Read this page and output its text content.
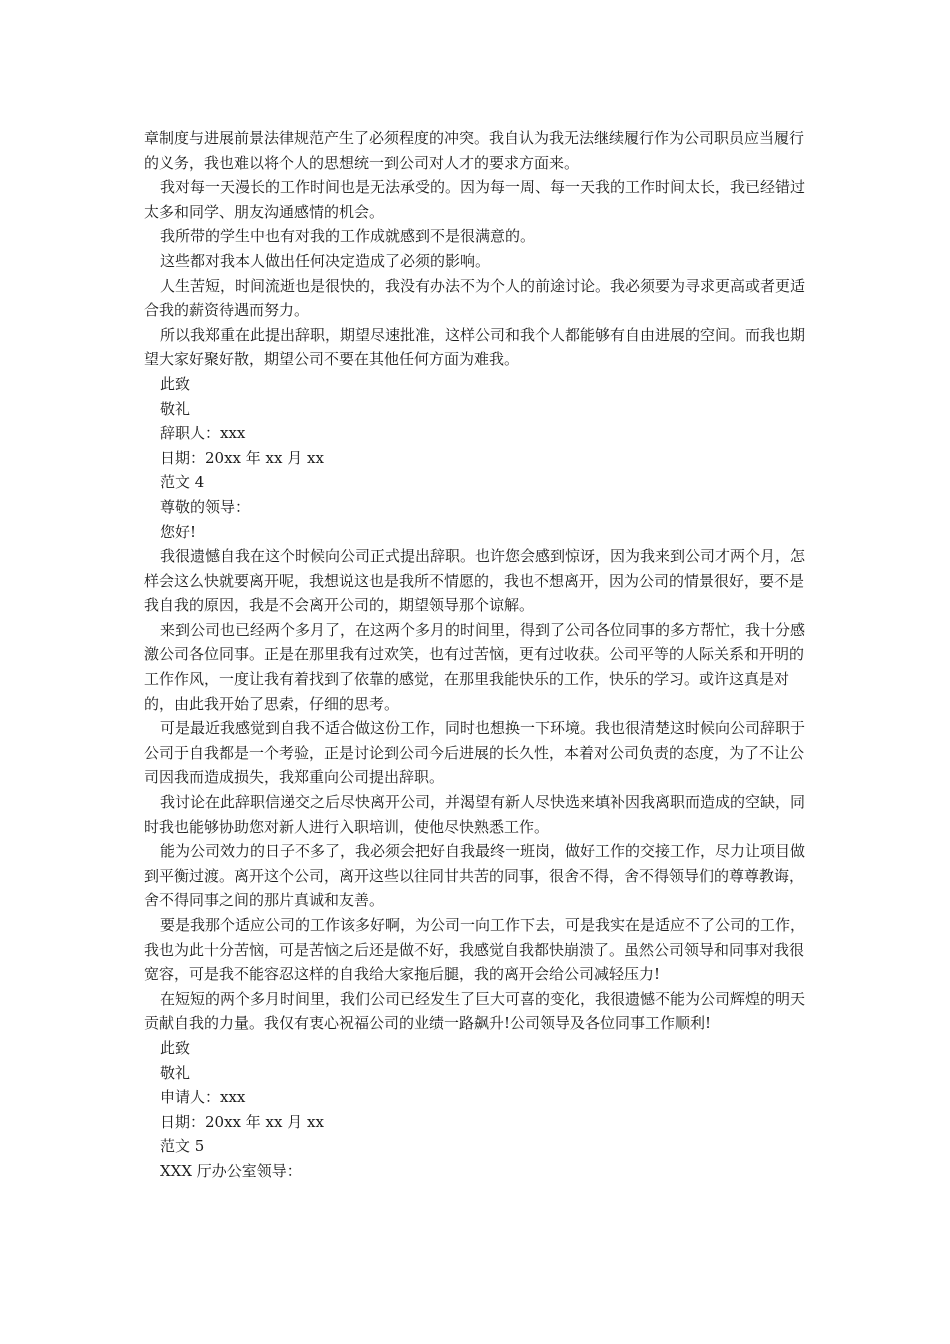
章制度与进展前景法律规范产生了必须程度的冲突。我自认为我无法继续履行作为公司职员应当履行的义务，我也难以将个人的思想统一到公司对人才的要求方面来。

我对每一天漫长的工作时间也是无法承受的。因为每一周、每一天我的工作时间太长，我已经错过太多和同学、朋友沟通感情的机会。

我所带的学生中也有对我的工作成就感到不是很满意的。

这些都对我本人做出任何决定造成了必须的影响。

人生苦短，时间流逝也是很快的，我没有办法不为个人的前途讨论。我必须要为寻求更高或者更适合我的薪资待遇而努力。

所以我郑重在此提出辞职，期望尽速批准，这样公司和我个人都能够有自由进展的空间。而我也期望大家好聚好散，期望公司不要在其他任何方面为难我。

此致

敬礼

辞职人：xxx

日期：20xx 年 xx 月 xx

范文 4

尊敬的领导：

您好!

我很遗憾自我在这个时候向公司正式提出辞职。也许您会感到惊讶，因为我来到公司才两个月，怎样会这么快就要离开呢，我想说这也是我所不情愿的，我也不想离开，因为公司的情景很好，要不是我自我的原因，我是不会离开公司的，期望领导那个谅解。

来到公司也已经两个多月了，在这两个多月的时间里，得到了公司各位同事的多方帮忙，我十分感激公司各位同事。正是在那里我有过欢笑，也有过苦恼，更有过收获。公司平等的人际关系和开明的工作作风，一度让我有着找到了依靠的感觉，在那里我能快乐的工作，快乐的学习。或许这真是对的，由此我开始了思索，仔细的思考。

可是最近我感觉到自我不适合做这份工作，同时也想换一下环境。我也很清楚这时候向公司辞职于公司于自我都是一个考验，正是讨论到公司今后进展的长久性，本着对公司负责的态度，为了不让公司因我而造成损失，我郑重向公司提出辞职。

我讨论在此辞职信递交之后尽快离开公司，并渴望有新人尽快选来填补因我离职而造成的空缺，同时我也能够协助您对新人进行入职培训，使他尽快熟悉工作。

能为公司效力的日子不多了，我必须会把好自我最终一班岗，做好工作的交接工作，尽力让项目做到平衡过渡。离开这个公司，离开这些以往同甘共苦的同事，很舍不得，舍不得领导们的尊尊教诲，舍不得同事之间的那片真诚和友善。

要是我那个适应公司的工作该多好啊，为公司一向工作下去，可是我实在是适应不了公司的工作，我也为此十分苦恼，可是苦恼之后还是做不好，我感觉自我都快崩溃了。虽然公司领导和同事对我很宽容，可是我不能容忍这样的自我给大家拖后腿，我的离开会给公司减轻压力!

在短短的两个多月时间里，我们公司已经发生了巨大可喜的变化，我很遗憾不能为公司辉煌的明天贡献自我的力量。我仅有衷心祝福公司的业绩一路飙升!公司领导及各位同事工作顺利!

此致

敬礼

申请人：xxx

日期：20xx 年 xx 月 xx

范文 5

XXX 厅办公室领导：
